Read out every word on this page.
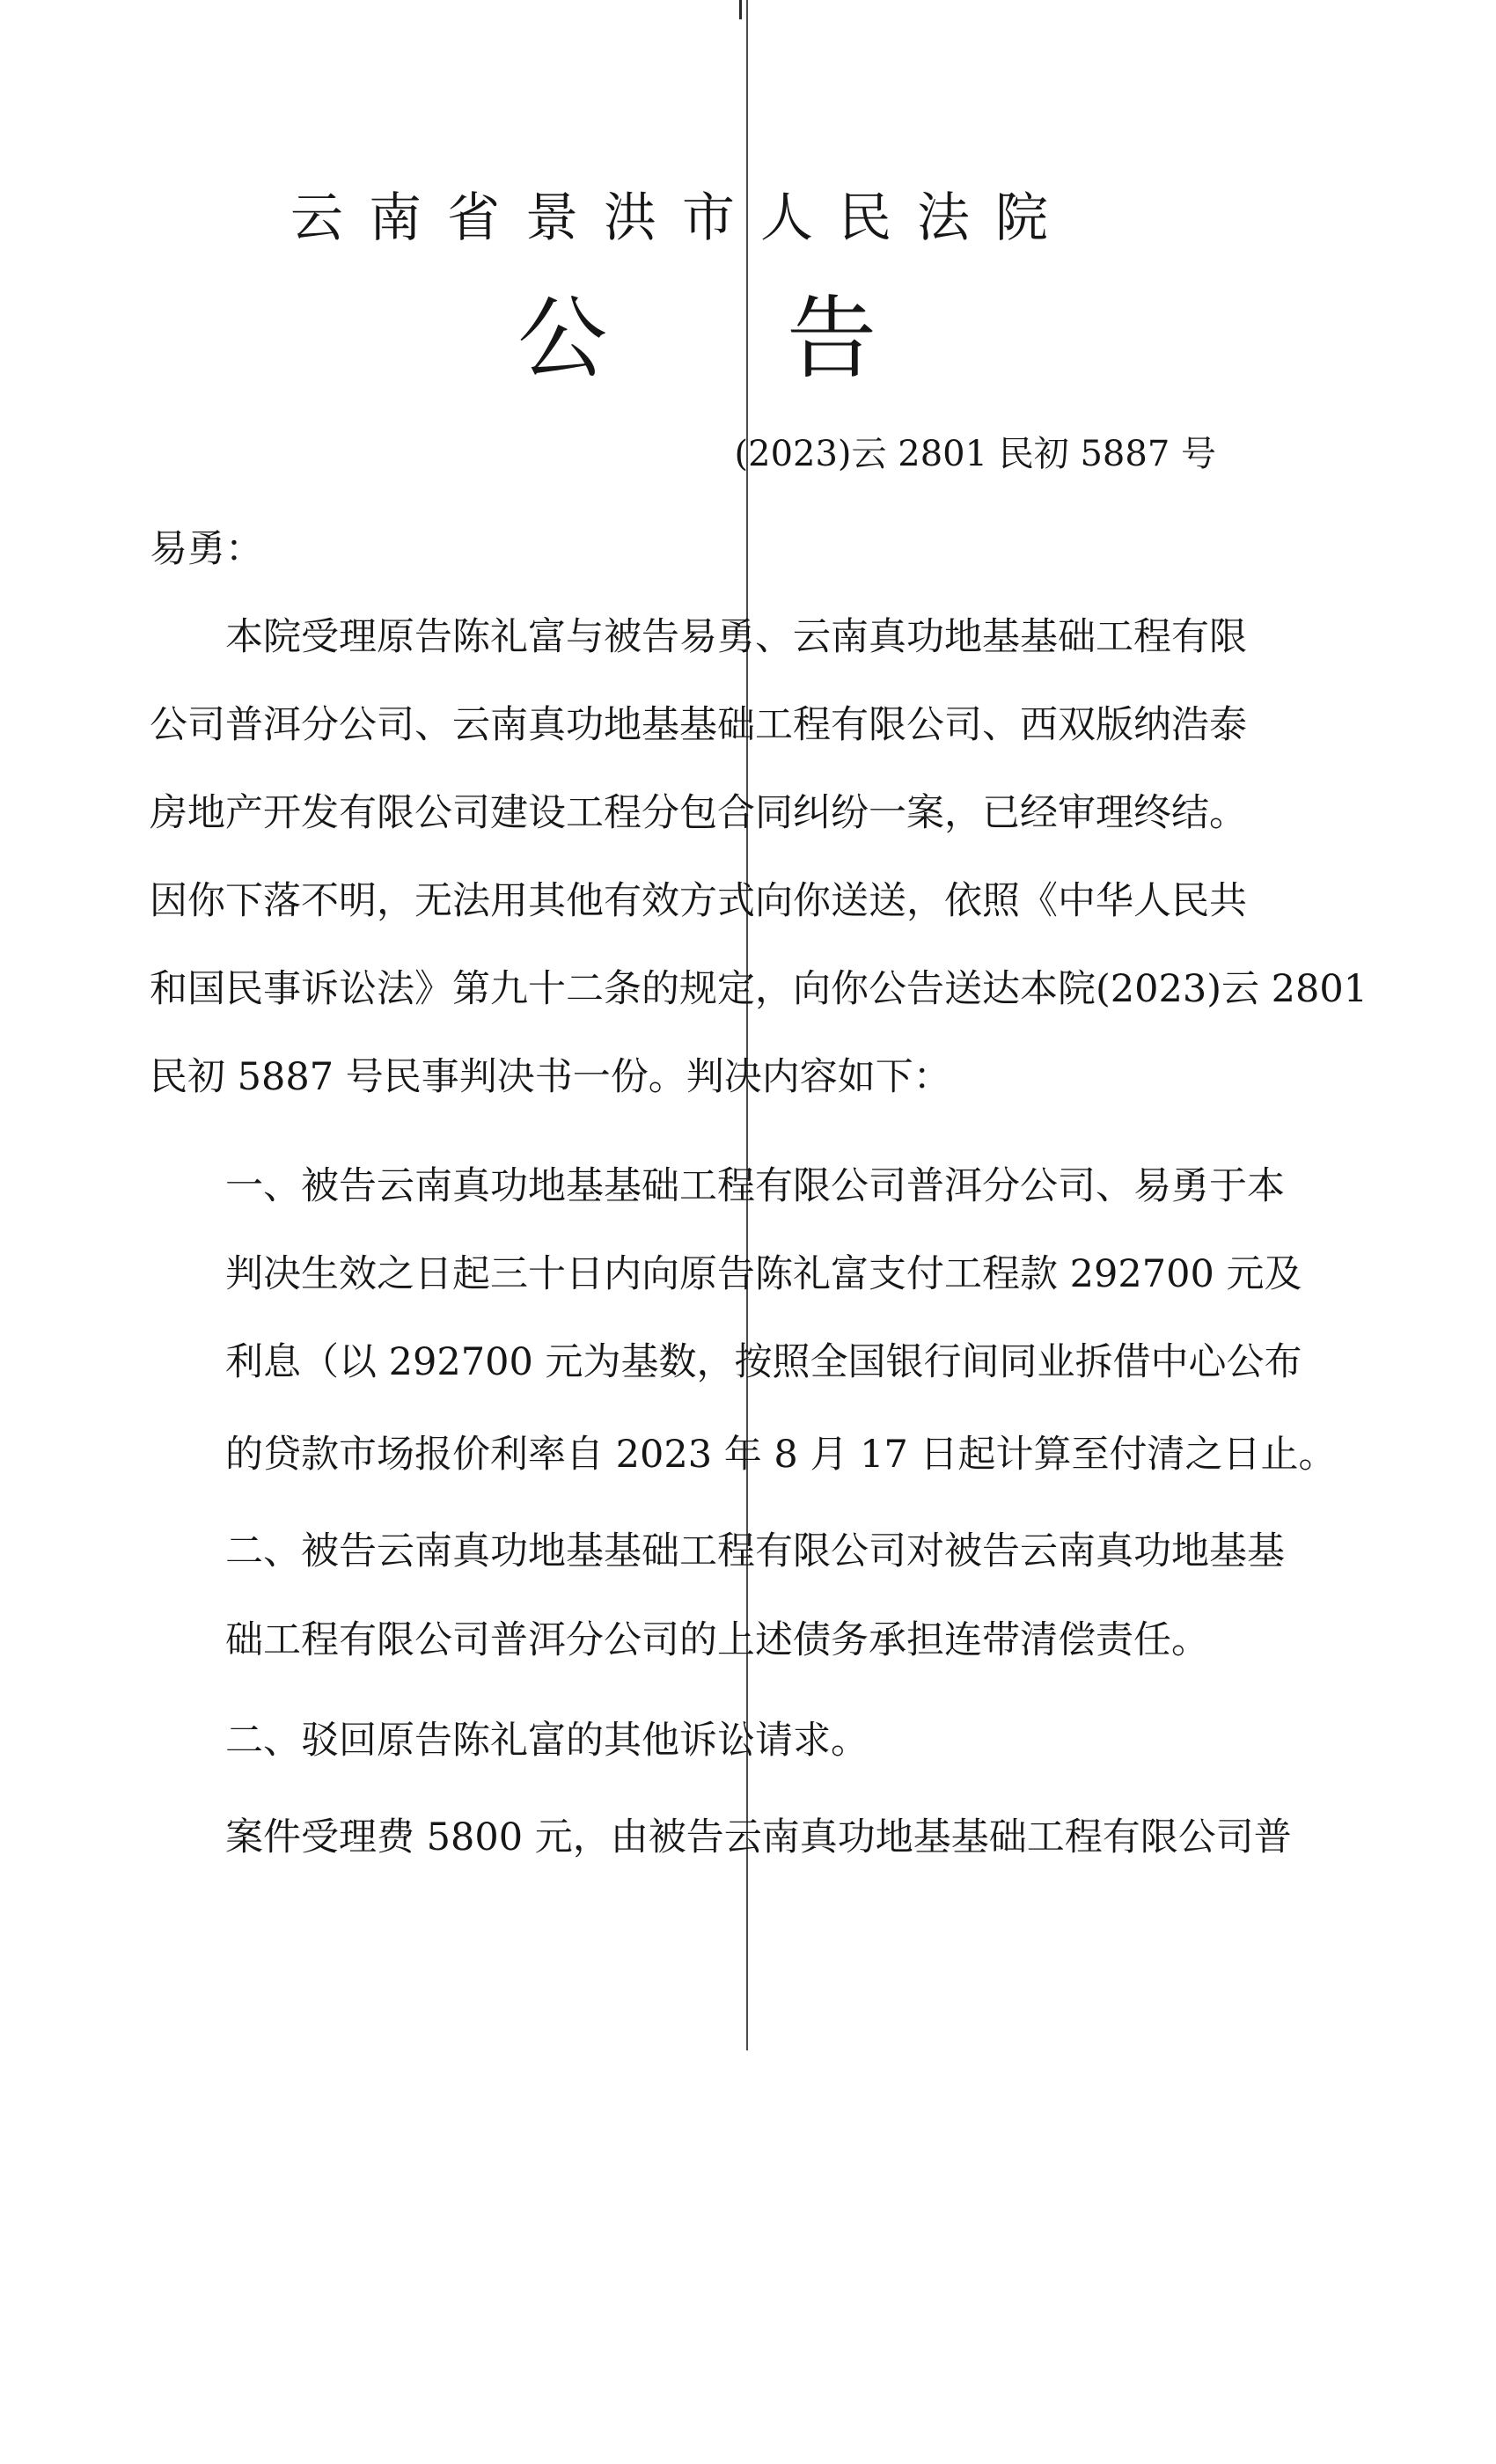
云南省景洪市人民法院
公告
(2023)云 2801 民初 5887 号
易勇：
本院受理原告陈礼富与被告易勇、云南真功地基基础工程有限
公司普洱分公司、云南真功地基基础工程有限公司、西双版纳浩泰
房地产开发有限公司建设工程分包合同纠纷一案，已经审理终结。
因你下落不明，无法用其他有效方式向你送送，依照《中华人民共
和国民事诉讼法》第九十二条的规定，向你公告送达本院(2023)云 2801
民初 5887 号民事判决书一份。判决内容如下：
一、被告云南真功地基基础工程有限公司普洱分公司、易勇于本
判决生效之日起三十日内向原告陈礼富支付工程款 292700 元及
利息（以 292700 元为基数，按照全国银行间同业拆借中心公布
的贷款市场报价利率自 2023 年 8 月 17 日起计算至付清之日止。
二、被告云南真功地基基础工程有限公司对被告云南真功地基基
础工程有限公司普洱分公司的上述债务承担连带清偿责任。
二、驳回原告陈礼富的其他诉讼请求。
案件受理费 5800 元，由被告云南真功地基基础工程有限公司普
